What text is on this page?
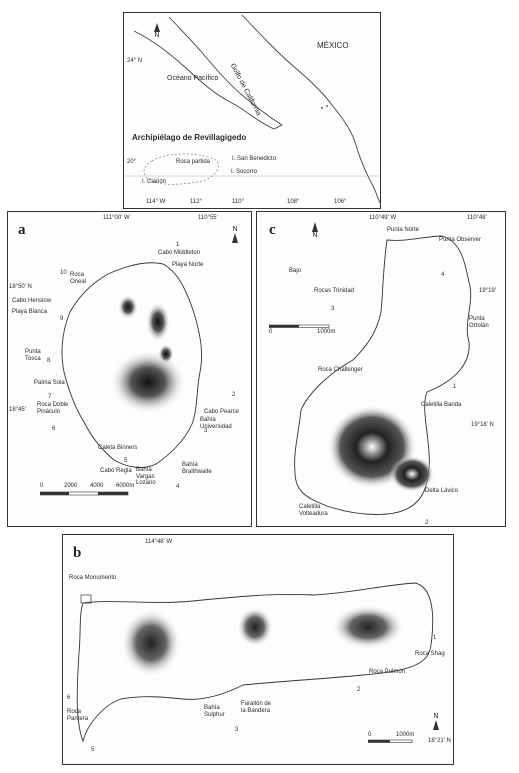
N
24° N
MÉXICO
Golfo de California
Océano Pacífico
Archipiélago de Revillagigedo
20°	Roca partida	I. San Benedicto
I. Socorro
I. Clarión
114° W	112°	110°	108°	106°
a	N
111°00' W	110°55'
18°50' N
18°45'
Cabo Middleton
Playa Norte
Roca Oneal
Cabo Henslow
Playa Blanca
Punta Tosca
Palma Sola
Roca Doble Pináculo	Cabo Pearce
Bahía Universidad
Caleta Binners
Cabo Regla Bahía Vargas Lozano
Bahía Braithwaite
1
2
3
4
5
6
7
8
9
10
0	2000 4000 6000m
c	N
110°49' W	110°48'
19°19'
19°18' N
Punta Norte
Punta Observer
Bajo
Rocas Trinidad
Punta Ortolán
Roca Challenger
Caletilla Banda
Delta Lávico
Caletilla Volteadura
1
2
3
4
0	1000m
b
N
114°48' W
18°21' N
Roca Monumento
Roca Shag
Roca Pulmón
Bahía Sulphur
Farallón de la Bandera
Roca Pantera
1
2
3
5
6
0	1000m
